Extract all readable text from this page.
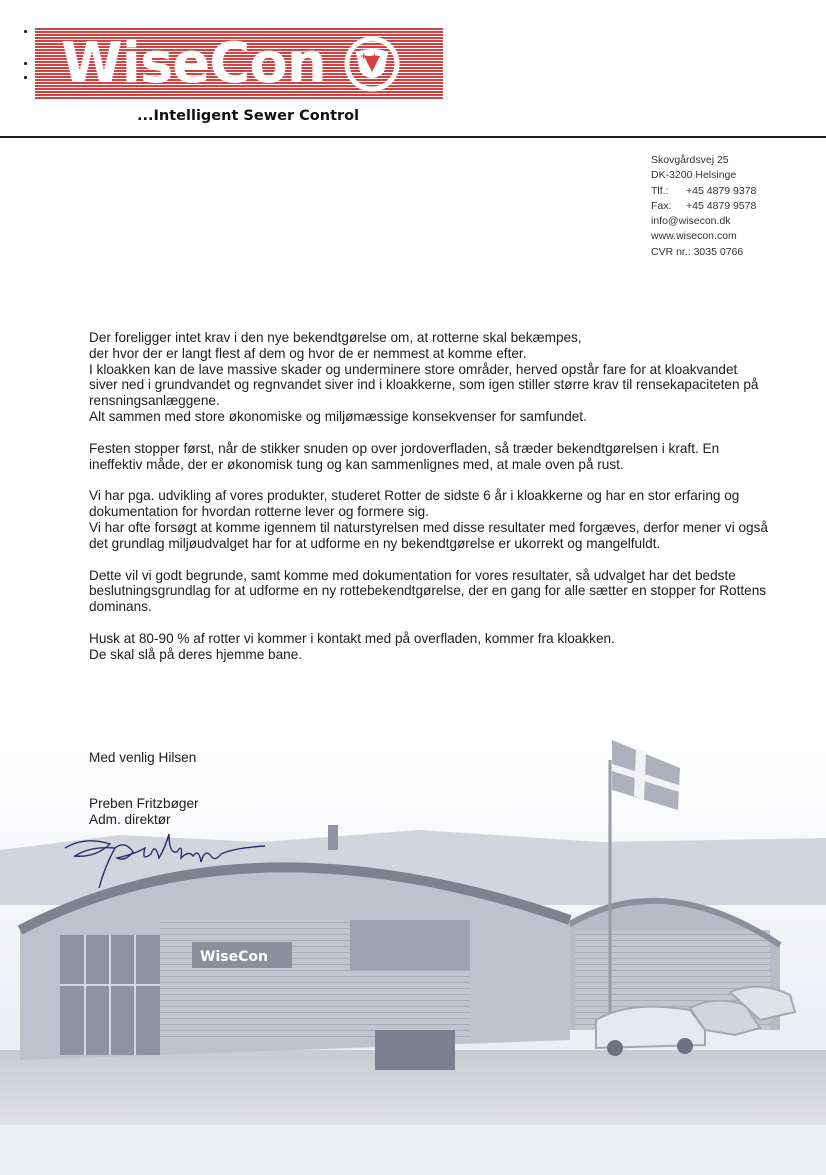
WiseCon
WiseCon	+ +
...Intelligent Sewer Control
Skovgårdsvej 25
DK-3200 Helsinge
Tlf.: +45 4879 9378
Fax: +45 4879 9578
info@wisecon.dk
www.wisecon.com
CVR nr.: 3035 0766

Der foreligger intet krav i den nye bekendtgørelse om, at rotterne skal bekæmpes,
der hvor der er langt flest af dem og hvor de er nemmest at komme efter.
I kloakken kan de lave massive skader og underminere store områder, herved opstår fare for at kloakvandet siver ned i grundvandet og regnvandet siver ind i kloakkerne, som igen stiller større krav til rensekapaciteten på rensningsanlæggene.
Alt sammen med store økonomiske og miljømæssige konsekvenser for samfundet.

Festen stopper først, når de stikker snuden op over jordoverfladen, så træder bekendtgørelsen i kraft. En ineffektiv måde, der er økonomisk tung og kan sammenlignes med, at male oven på rust.

Vi har pga. udvikling af vores produkter, studeret Rotter de sidste 6 år i kloakkerne og har en stor erfaring og dokumentation for hvordan rotterne lever og formere sig.
Vi har ofte forsøgt at komme igennem til naturstyrelsen med disse resultater med forgæves, derfor mener vi også det grundlag miljøudvalget har for at udforme en ny bekendtgørelse er ukorrekt og mangelfuldt.

Dette vil vi godt begrunde, samt komme med dokumentation for vores resultater, så udvalget har det bedste beslutningsgrundlag for at udforme en ny rottebekendtgørelse, der en gang for alle sætter en stopper for Rottens dominans.

Husk at 80-90 % af rotter vi kommer i kontakt med på overfladen, kommer fra kloakken.
De skal slå på deres hjemme bane.

Med venlig Hilsen
Preben Fritzbøger
Adm. direktør
